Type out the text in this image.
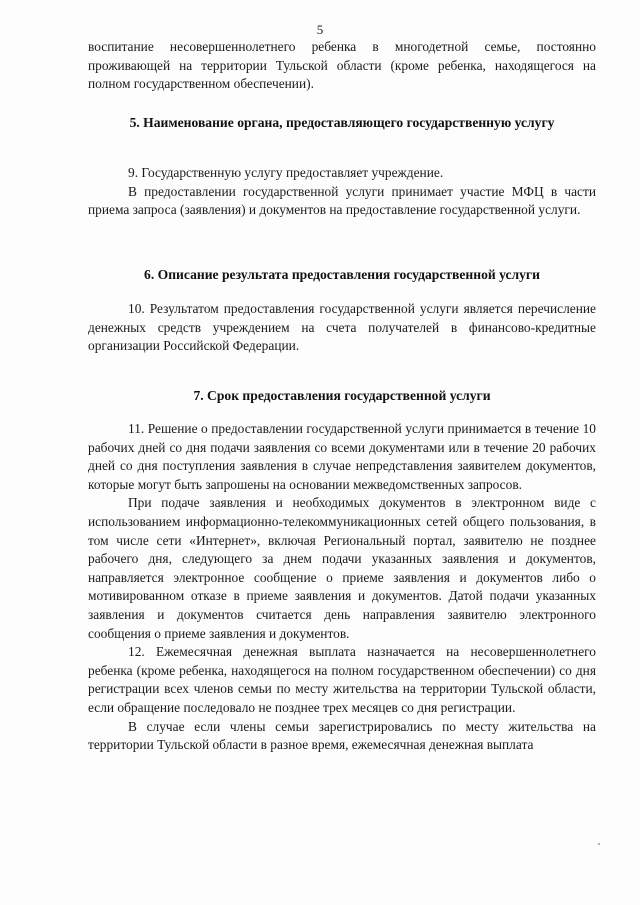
5

воспитание несовершеннолетнего ребенка в многодетной семье, постоянно проживающей на территории Тульской области (кроме ребенка, находящегося на полном государственном обеспечении).

5. Наименование органа, предоставляющего государственную услугу

9. Государственную услугу предоставляет учреждение.

В предоставлении государственной услуги принимает участие МФЦ в части приема запроса (заявления) и документов на предоставление государственной услуги.

6. Описание результата предоставления государственной услуги

10. Результатом предоставления государственной услуги является перечисление денежных средств учреждением на счета получателей в финансово-кредитные организации Российской Федерации.

7. Срок предоставления государственной услуги

11. Решение о предоставлении государственной услуги принимается в течение 10 рабочих дней со дня подачи заявления со всеми документами или в течение 20 рабочих дней со дня поступления заявления в случае непредставления заявителем документов, которые могут быть запрошены на основании межведомственных запросов.

При подаче заявления и необходимых документов в электронном виде с использованием информационно-телекоммуникационных сетей общего пользования, в том числе сети «Интернет», включая Региональный портал, заявителю не позднее рабочего дня, следующего за днем подачи указанных заявления и документов, направляется электронное сообщение о приеме заявления и документов либо о мотивированном отказе в приеме заявления и документов. Датой подачи указанных заявления и документов считается день направления заявителю электронного сообщения о приеме заявления и документов.

12. Ежемесячная денежная выплата назначается на несовершеннолетнего ребенка (кроме ребенка, находящегося на полном государственном обеспечении) со дня регистрации всех членов семьи по месту жительства на территории Тульской области, если обращение последовало не позднее трех месяцев со дня регистрации.

В случае если члены семьи зарегистрировались по месту жительства на территории Тульской области в разное время, ежемесячная денежная выплата
